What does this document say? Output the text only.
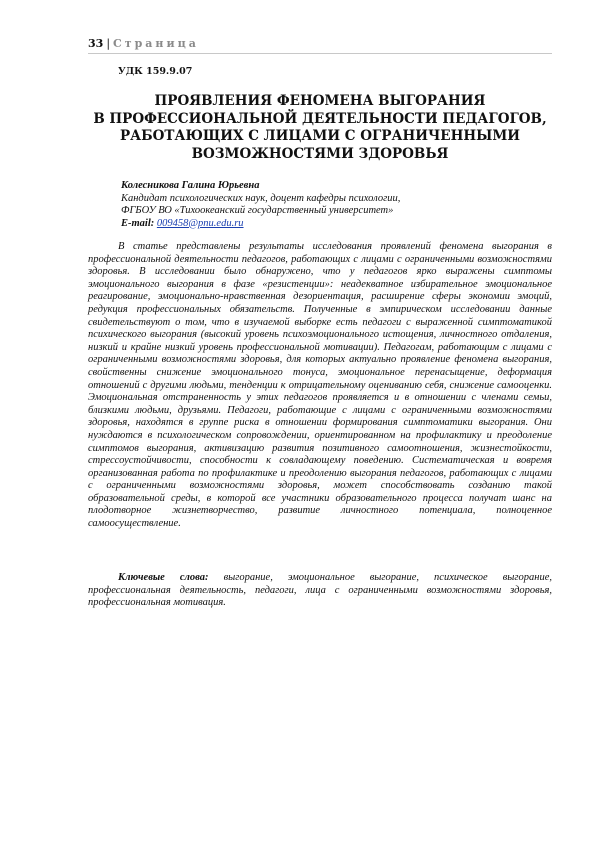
33 | Страница
УДК 159.9.07
ПРОЯВЛЕНИЯ ФЕНОМЕНА ВЫГОРАНИЯ
В ПРОФЕССИОНАЛЬНОЙ ДЕЯТЕЛЬНОСТИ ПЕДАГОГОВ,
РАБОТАЮЩИХ С ЛИЦАМИ С ОГРАНИЧЕННЫМИ
ВОЗМОЖНОСТЯМИ ЗДОРОВЬЯ
Колесникова Галина Юрьевна
Кандидат психологических наук, доцент кафедры психологии,
ФГБОУ ВО «Тихоокеанский государственный университет»
E-mail: 009458@pnu.edu.ru
В статье представлены результаты исследования проявлений феномена выгорания в профессиональной деятельности педагогов, работающих с лицами с ограниченными возможностями здоровья. В исследовании было обнаружено, что у педагогов ярко выражены симптомы эмоционального выгорания в фазе «резистенции»: неадекватное избирательное эмоциональное реагирование, эмоционально-нравственная дезориентация, расширение сферы экономии эмоций, редукция профессиональных обязательств. Полученные в эмпирическом исследовании данные свидетельствуют о том, что в изучаемой выборке есть педагоги с выраженной симптоматикой психического выгорания (высокий уровень психоэмоционального истощения, личностного отдаления, низкий и крайне низкий уровень профессиональной мотивации). Педагогам, работающим с лицами с ограниченными возможностями здоровья, для которых актуально проявление феномена выгорания, свойственны снижение эмоционального тонуса, эмоциональное перенасыщение, деформация отношений с другими людьми, тенденции к отрицательному оцениванию себя, снижение самооценки. Эмоциональная отстраненность у этих педагогов проявляется и в отношении с членами семьи, близкими людьми, друзьями. Педагоги, работающие с лицами с ограниченными возможностями здоровья, находятся в группе риска в отношении формирования симптоматики выгорания. Они нуждаются в психологическом сопровождении, ориентированном на профилактику и преодоление симптомов выгорания, активизацию развития позитивного самоотношения, жизнестойкости, стрессоустойчивости, способности к совладающему поведению. Систематическая и вовремя организованная работа по профилактике и преодолению выгорания педагогов, работающих с лицами с ограниченными возможностями здоровья, может способствовать созданию такой образовательной среды, в которой все участники образовательного процесса получат шанс на плодотворное жизнетворчество, развитие личностного потенциала, полноценное самоосуществление.
Ключевые слова: выгорание, эмоциональное выгорание, психическое выгорание, профессиональная деятельность, педагоги, лица с ограниченными возможностями здоровья, профессиональная мотивация.
